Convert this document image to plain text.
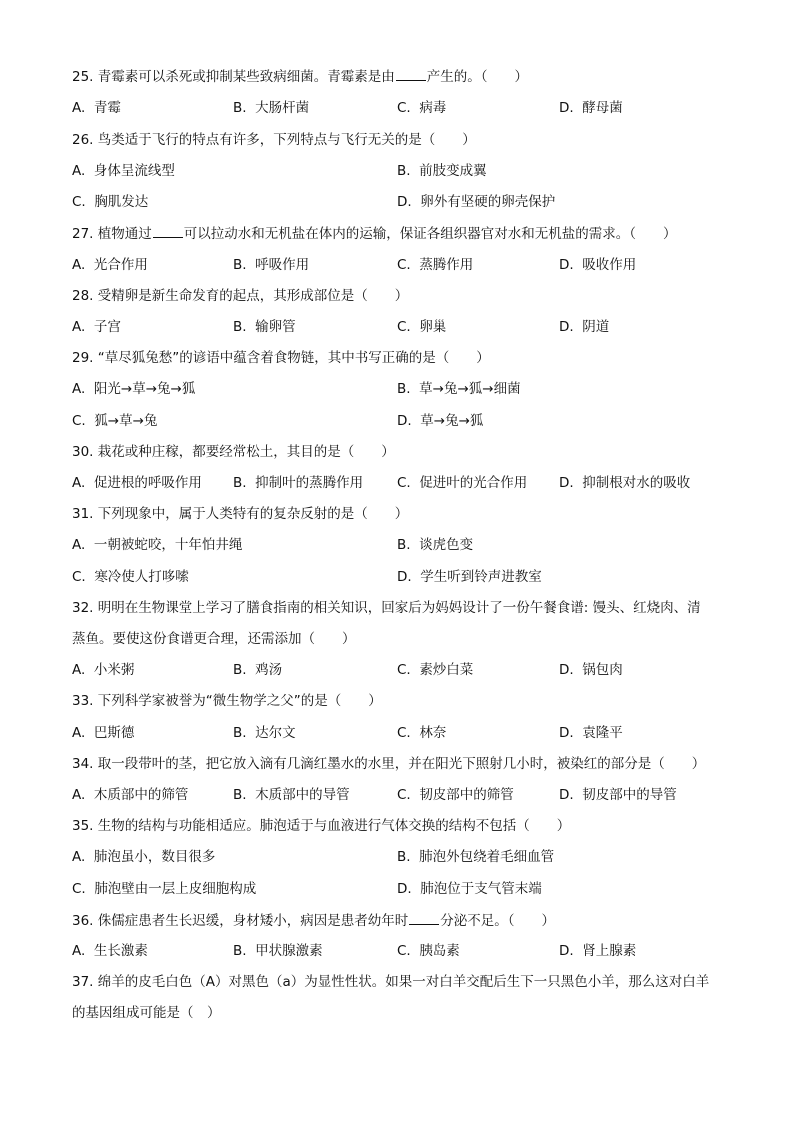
25. 青霉素可以杀死或抑制某些致病细菌。青霉素是由 产生的。（　　）
A. 青霉	B. 大肠杆菌	C. 病毒	D. 酵母菌
26. 鸟类适于飞行的特点有许多，下列特点与飞行无关的是（　　）
A. 身体呈流线型	B. 前肢变成翼
C. 胸肌发达	D. 卵外有坚硬的卵壳保护
27. 植物通过 可以拉动水和无机盐在体内的运输，保证各组织器官对水和无机盐的需求。（　　）
A. 光合作用	B. 呼吸作用	C. 蒸腾作用	D. 吸收作用
28. 受精卵是新生命发育的起点，其形成部位是（　　）
A. 子宫	B. 输卵管	C. 卵巢	D. 阴道
29. “草尽狐兔愁”的谚语中蕴含着食物链，其中书写正确的是（　　）
A. 阳光→草→兔→狐	B. 草→兔→狐→细菌
C. 狐→草→兔	D. 草→兔→狐
30. 栽花或种庄稼，都要经常松土，其目的是（　　）
A. 促进根的呼吸作用 B. 抑制叶的蒸腾作用	C. 促进叶的光合作用 D. 抑制根对水的吸收
31. 下列现象中，属于人类特有的复杂反射的是（　　）
A. 一朝被蛇咬，十年怕井绳	B. 谈虎色变
C. 寒冷使人打哆嗦	D. 学生听到铃声进教室
32. 明明在生物课堂上学习了膳食指南的相关知识，回家后为妈妈设计了一份午餐食谱: 馒头、红烧肉、清
蒸鱼。要使这份食谱更合理，还需添加（　　）
A. 小米粥	B. 鸡汤	C. 素炒白菜	D. 锅包肉
33. 下列科学家被誉为“微生物学之父”的是（　　）
A. 巴斯德	B. 达尔文	C. 林奈	D. 袁隆平
34. 取一段带叶的茎，把它放入滴有几滴红墨水的水里，并在阳光下照射几小时，被染红的部分是（　　）
A. 木质部中的筛管	B. 木质部中的导管	C. 韧皮部中的筛管	D. 韧皮部中的导管
35. 生物的结构与功能相适应。肺泡适于与血液进行气体交换的结构不包括（　　）
A. 肺泡虽小，数目很多	B. 肺泡外包绕着毛细血管
C. 肺泡壁由一层上皮细胞构成	D. 肺泡位于支气管末端
36. 侏儒症患者生长迟缓，身材矮小，病因是患者幼年时 分泌不足。（　　）
A. 生长激素	B. 甲状腺激素	C. 胰岛素	D. 肾上腺素
37. 绵羊的皮毛白色（A）对黑色（a）为显性性状。如果一对白羊交配后生下一只黑色小羊，那么这对白羊
的基因组成可能是（　）
